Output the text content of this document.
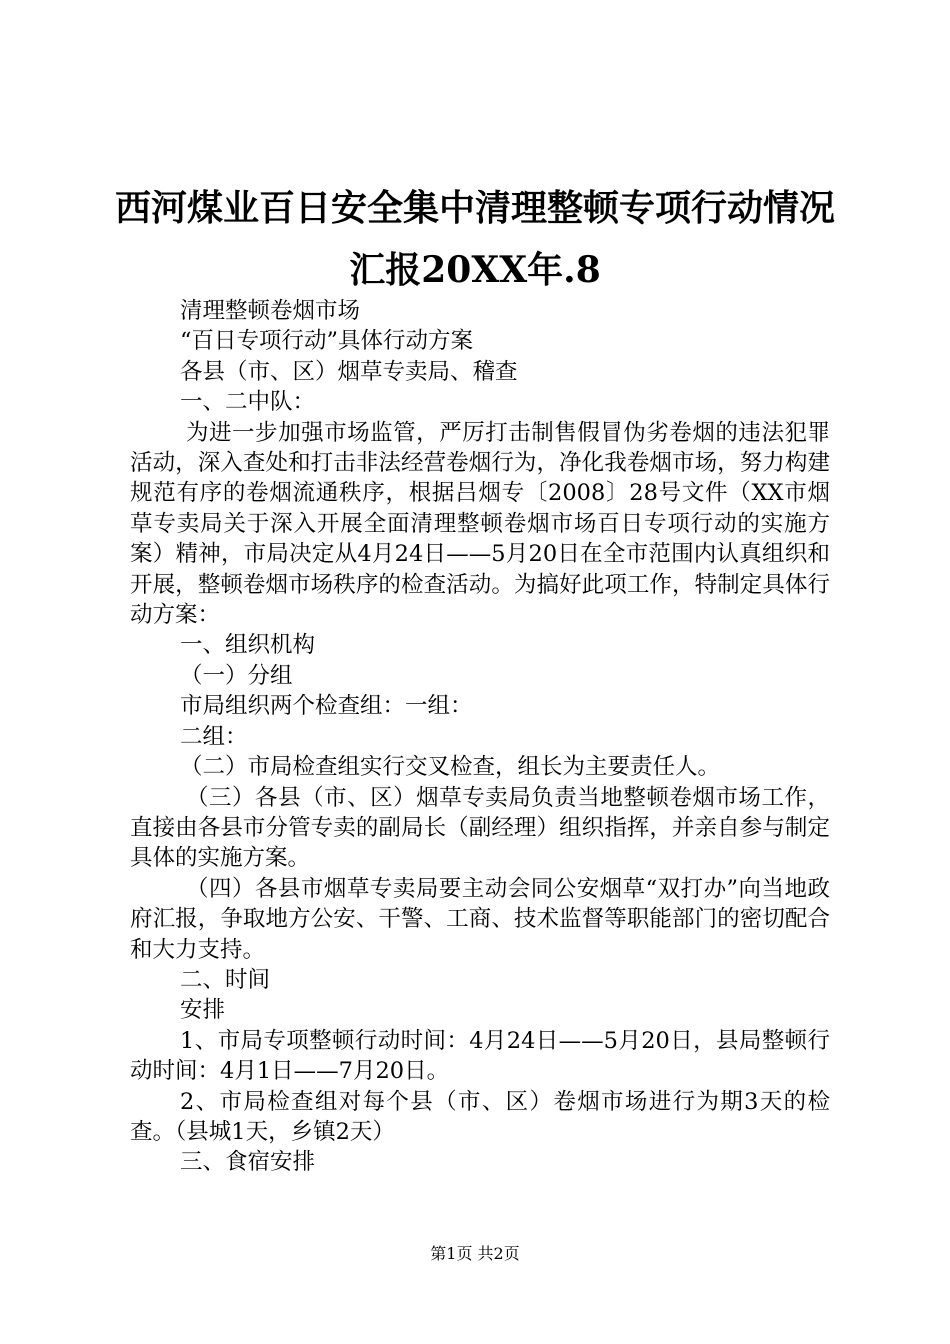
西河煤业百日安全集中清理整顿专项行动情况
汇报20XX年.8

清理整顿卷烟市场

“百日专项行动”具体行动方案

各县（市、区）烟草专卖局、稽查

一、二中队：

为进一步加强市场监管，严厉打击制售假冒伪劣卷烟的违法犯罪活动，深入查处和打击非法经营卷烟行为，净化我卷烟市场，努力构建规范有序的卷烟流通秩序，根据吕烟专〔2008〕28号文件（XX市烟草专卖局关于深入开展全面清理整顿卷烟市场百日专项行动的实施方案）精神，市局决定从4月24日——5月20日在全市范围内认真组织和开展，整顿卷烟市场秩序的检查活动。为搞好此项工作，特制定具体行动方案：

一、组织机构

（一）分组

市局组织两个检查组：一组：

二组：

（二）市局检查组实行交叉检查，组长为主要责任人。

（三）各县（市、区）烟草专卖局负责当地整顿卷烟市场工作，直接由各县市分管专卖的副局长（副经理）组织指挥，并亲自参与制定具体的实施方案。

（四）各县市烟草专卖局要主动会同公安烟草“双打办”向当地政府汇报，争取地方公安、干警、工商、技术监督等职能部门的密切配合和大力支持。

二、时间

安排

1、市局专项整顿行动时间：4月24日——5月20日，县局整顿行动时间：4月1日——7月20日。

2、市局检查组对每个县（市、区）卷烟市场进行为期3天的检查。（县城1天，乡镇2天）

三、食宿安排

第1页 共2页
